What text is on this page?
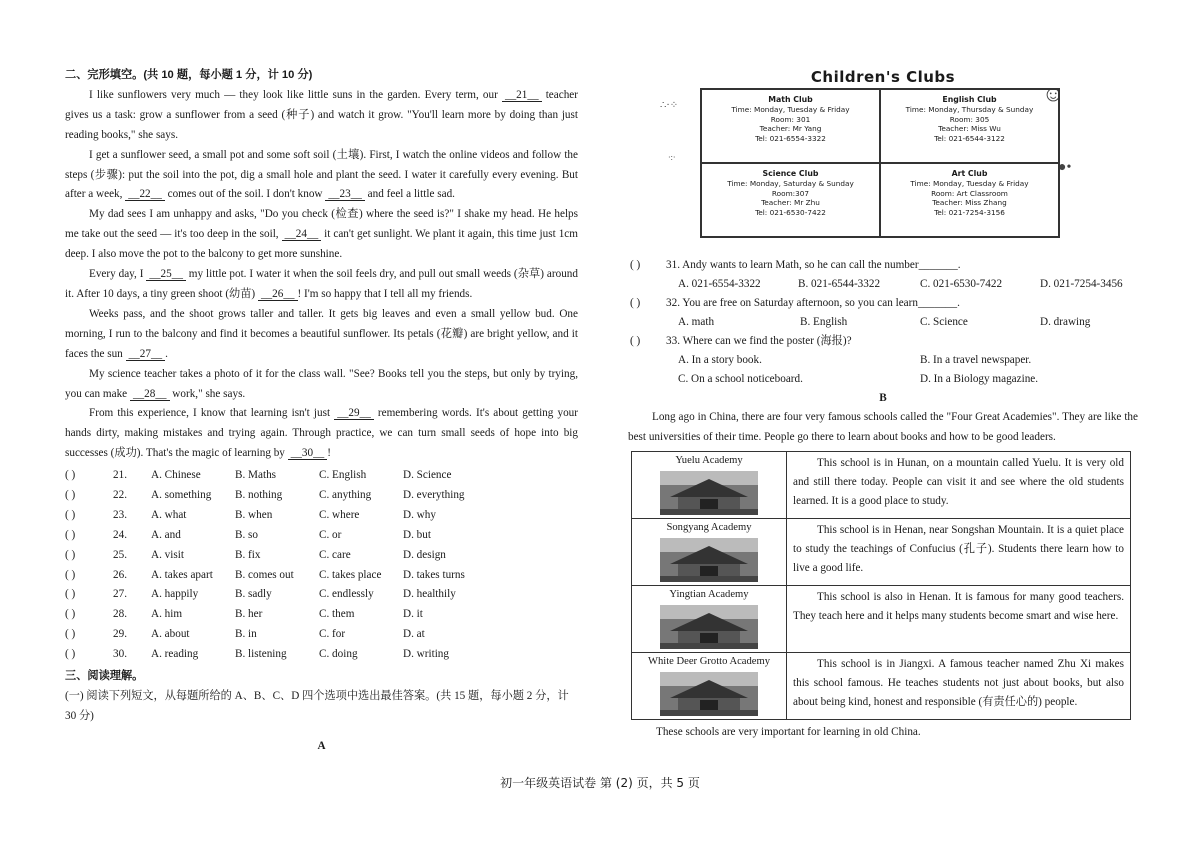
二、完形填空。(共 10 题，每小题 1 分，计 10 分)

I like sunflowers very much — they look like little suns in the garden. Every term, our __21__ teacher gives us a task: grow a sunflower from a seed (种子) and watch it grow. "You'll learn more by doing than just reading books," she says.

I get a sunflower seed, a small pot and some soft soil (土壤). First, I watch the online videos and follow the steps (步骤): put the soil into the pot, dig a small hole and plant the seed. I water it carefully every evening. But after a week, __22__ comes out of the soil. I don't know __23__ and feel a little sad.

My dad sees I am unhappy and asks, "Do you check (检查) where the seed is?" I shake my head. He helps me take out the seed — it's too deep in the soil, __24__ it can't get sunlight. We plant it again, this time just 1cm deep. I also move the pot to the balcony to get more sunshine.

Every day, I __25__ my little pot. I water it when the soil feels dry, and pull out small weeds (杂草) around it. After 10 days, a tiny green shoot (幼苗) __26__ ! I'm so happy that I tell all my friends.

Weeks pass, and the shoot grows taller and taller. It gets big leaves and even a small yellow bud. One morning, I run to the balcony and find it becomes a beautiful sunflower. Its petals (花瓣) are bright yellow, and it faces the sun __27__ .

My science teacher takes a photo of it for the class wall. "See? Books tell you the steps, but only by trying, you can make __28__ work," she says.

From this experience, I know that learning isn't just __29__ remembering words. It's about getting your hands dirty, making mistakes and trying again. Through practice, we can turn small seeds of hope into big successes (成功). That's the magic of learning by __30__ !

( )	21.	A. Chinese	B. Maths	C. English	D. Science
( )	22.	A. something	B. nothing	C. anything	D. everything
( )	23.	A. what	B. when	C. where	D. why
( )	24.	A. and	B. so	C. or	D. but
( )	25.	A. visit	B. fix	C. care	D. design
( )	26.	A. takes apart	B. comes out	C. takes place	D. takes turns
( )	27.	A. happily	B. sadly	C. endlessly	D. healthily
( )	28.	A. him	B. her	C. them	D. it
( )	29.	A. about	B. in	C. for	D. at
( )	30.	A. reading	B. listening	C. doing	D. writing
三、阅读理解。

(一) 阅读下列短文，从每题所给的 A、B、C、D 四个选项中选出最佳答案。(共 15 题，每小题 2 分，计 30 分)

A
Children's Clubs
∴·⁘
·:·
☺
●•
Math Club
Time: Monday, Tuesday & Friday
Room: 301
Teacher: Mr Yang
Tel: 021-6554-3322
English Club
Time: Monday, Thursday & Sunday
Room: 305
Teacher: Miss Wu
Tel: 021-6544-3122
Science Club
Time: Monday, Saturday & Sunday
Room:307
Teacher: Mr Zhu
Tel: 021-6530-7422
Art Club
Time: Monday, Tuesday & Friday
Room: Art Classroom
Teacher: Miss Zhang
Tel: 021-7254-3156
( ) 31. Andy wants to learn Math, so he can call the number_______.
A. 021-6554-3322	B. 021-6544-3322	C. 021-6530-7422	D. 021-7254-3456
( ) 32. You are free on Saturday afternoon, so you can learn_______.
A. math	B. English	C. Science	D. drawing
( ) 33. Where can we find the poster (海报)?
A. In a story book.	B. In a travel newspaper.
C. On a school noticeboard.	D. In a Biology magazine.
B

Long ago in China, there are four very famous schools called the "Four Great Academies". They are like the best universities of their time. People go there to learn about books and how to be good leaders.

Yuelu Academy	This school is in Hunan, on a mountain called Yuelu. It is very old and still there today. People can visit it and see where the old students learned. It is a good place to study.

Songyang Academy	This school is in Henan, near Songshan Mountain. It is a quiet place to study the teachings of Confucius (孔子). Students there learn how to live a good life.

Yingtian Academy	This school is also in Henan. It is famous for many good teachers. They teach here and it helps many students become smart and wise here.

White Deer Grotto Academy	This school is in Jiangxi. A famous teacher named Zhu Xi makes this school famous. He teaches students not just about books, but also about being kind, honest and responsible (有责任心的) people.
These schools are very important for learning in old China.
初一年级英语试卷 第 (2) 页，共 5 页
